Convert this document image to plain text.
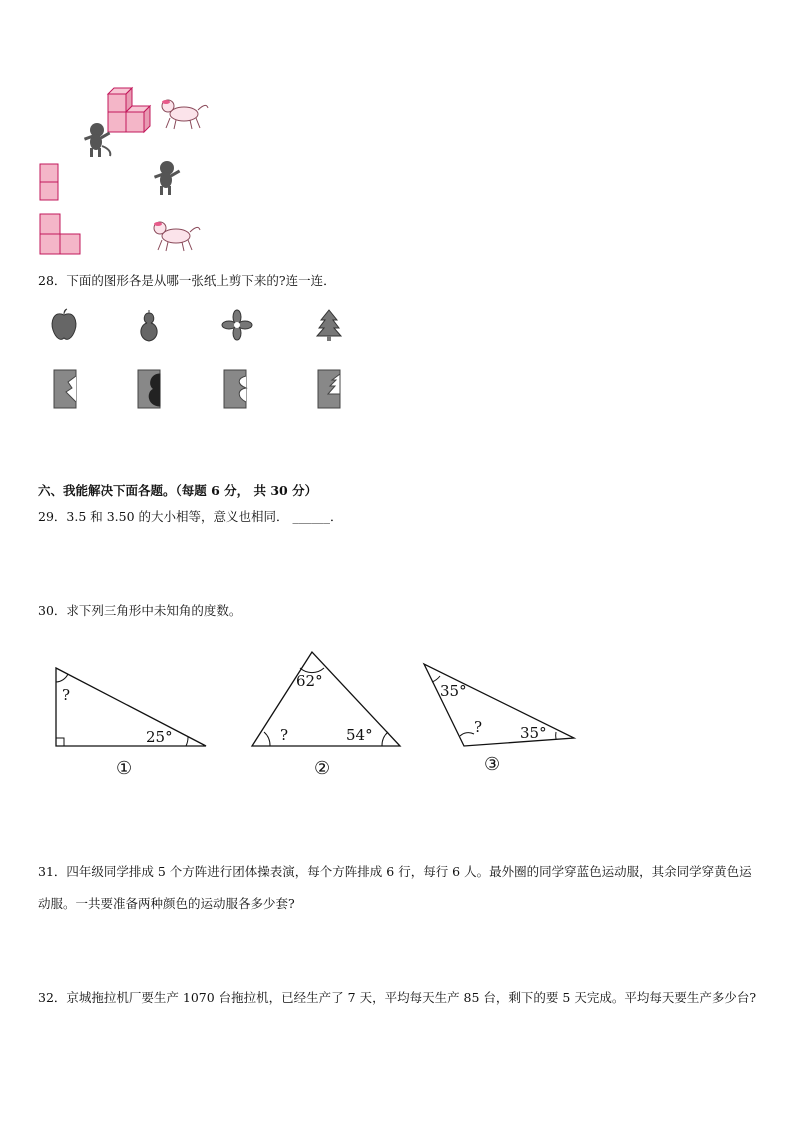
28．下面的图形各是从哪一张纸上剪下来的?连一连．
六、我能解决下面各题。（每题 6 分， 共 30 分）
29．3.5 和 3.50 的大小相等，意义也相同． ______．
30．求下列三角形中未知角的度数。
?
25°
①
62°
?	54°
②
35°
?	35°
③
31．四年级同学排成 5 个方阵进行团体操表演，每个方阵排成 6 行，每行 6 人。最外圈的同学穿蓝色运动服，其余同学穿黄色运动服。一共要准备两种颜色的运动服各多少套?
32．京城拖拉机厂要生产 1070 台拖拉机，已经生产了 7 天，平均每天生产 85 台，剩下的要 5 天完成。平均每天要生产多少台?
